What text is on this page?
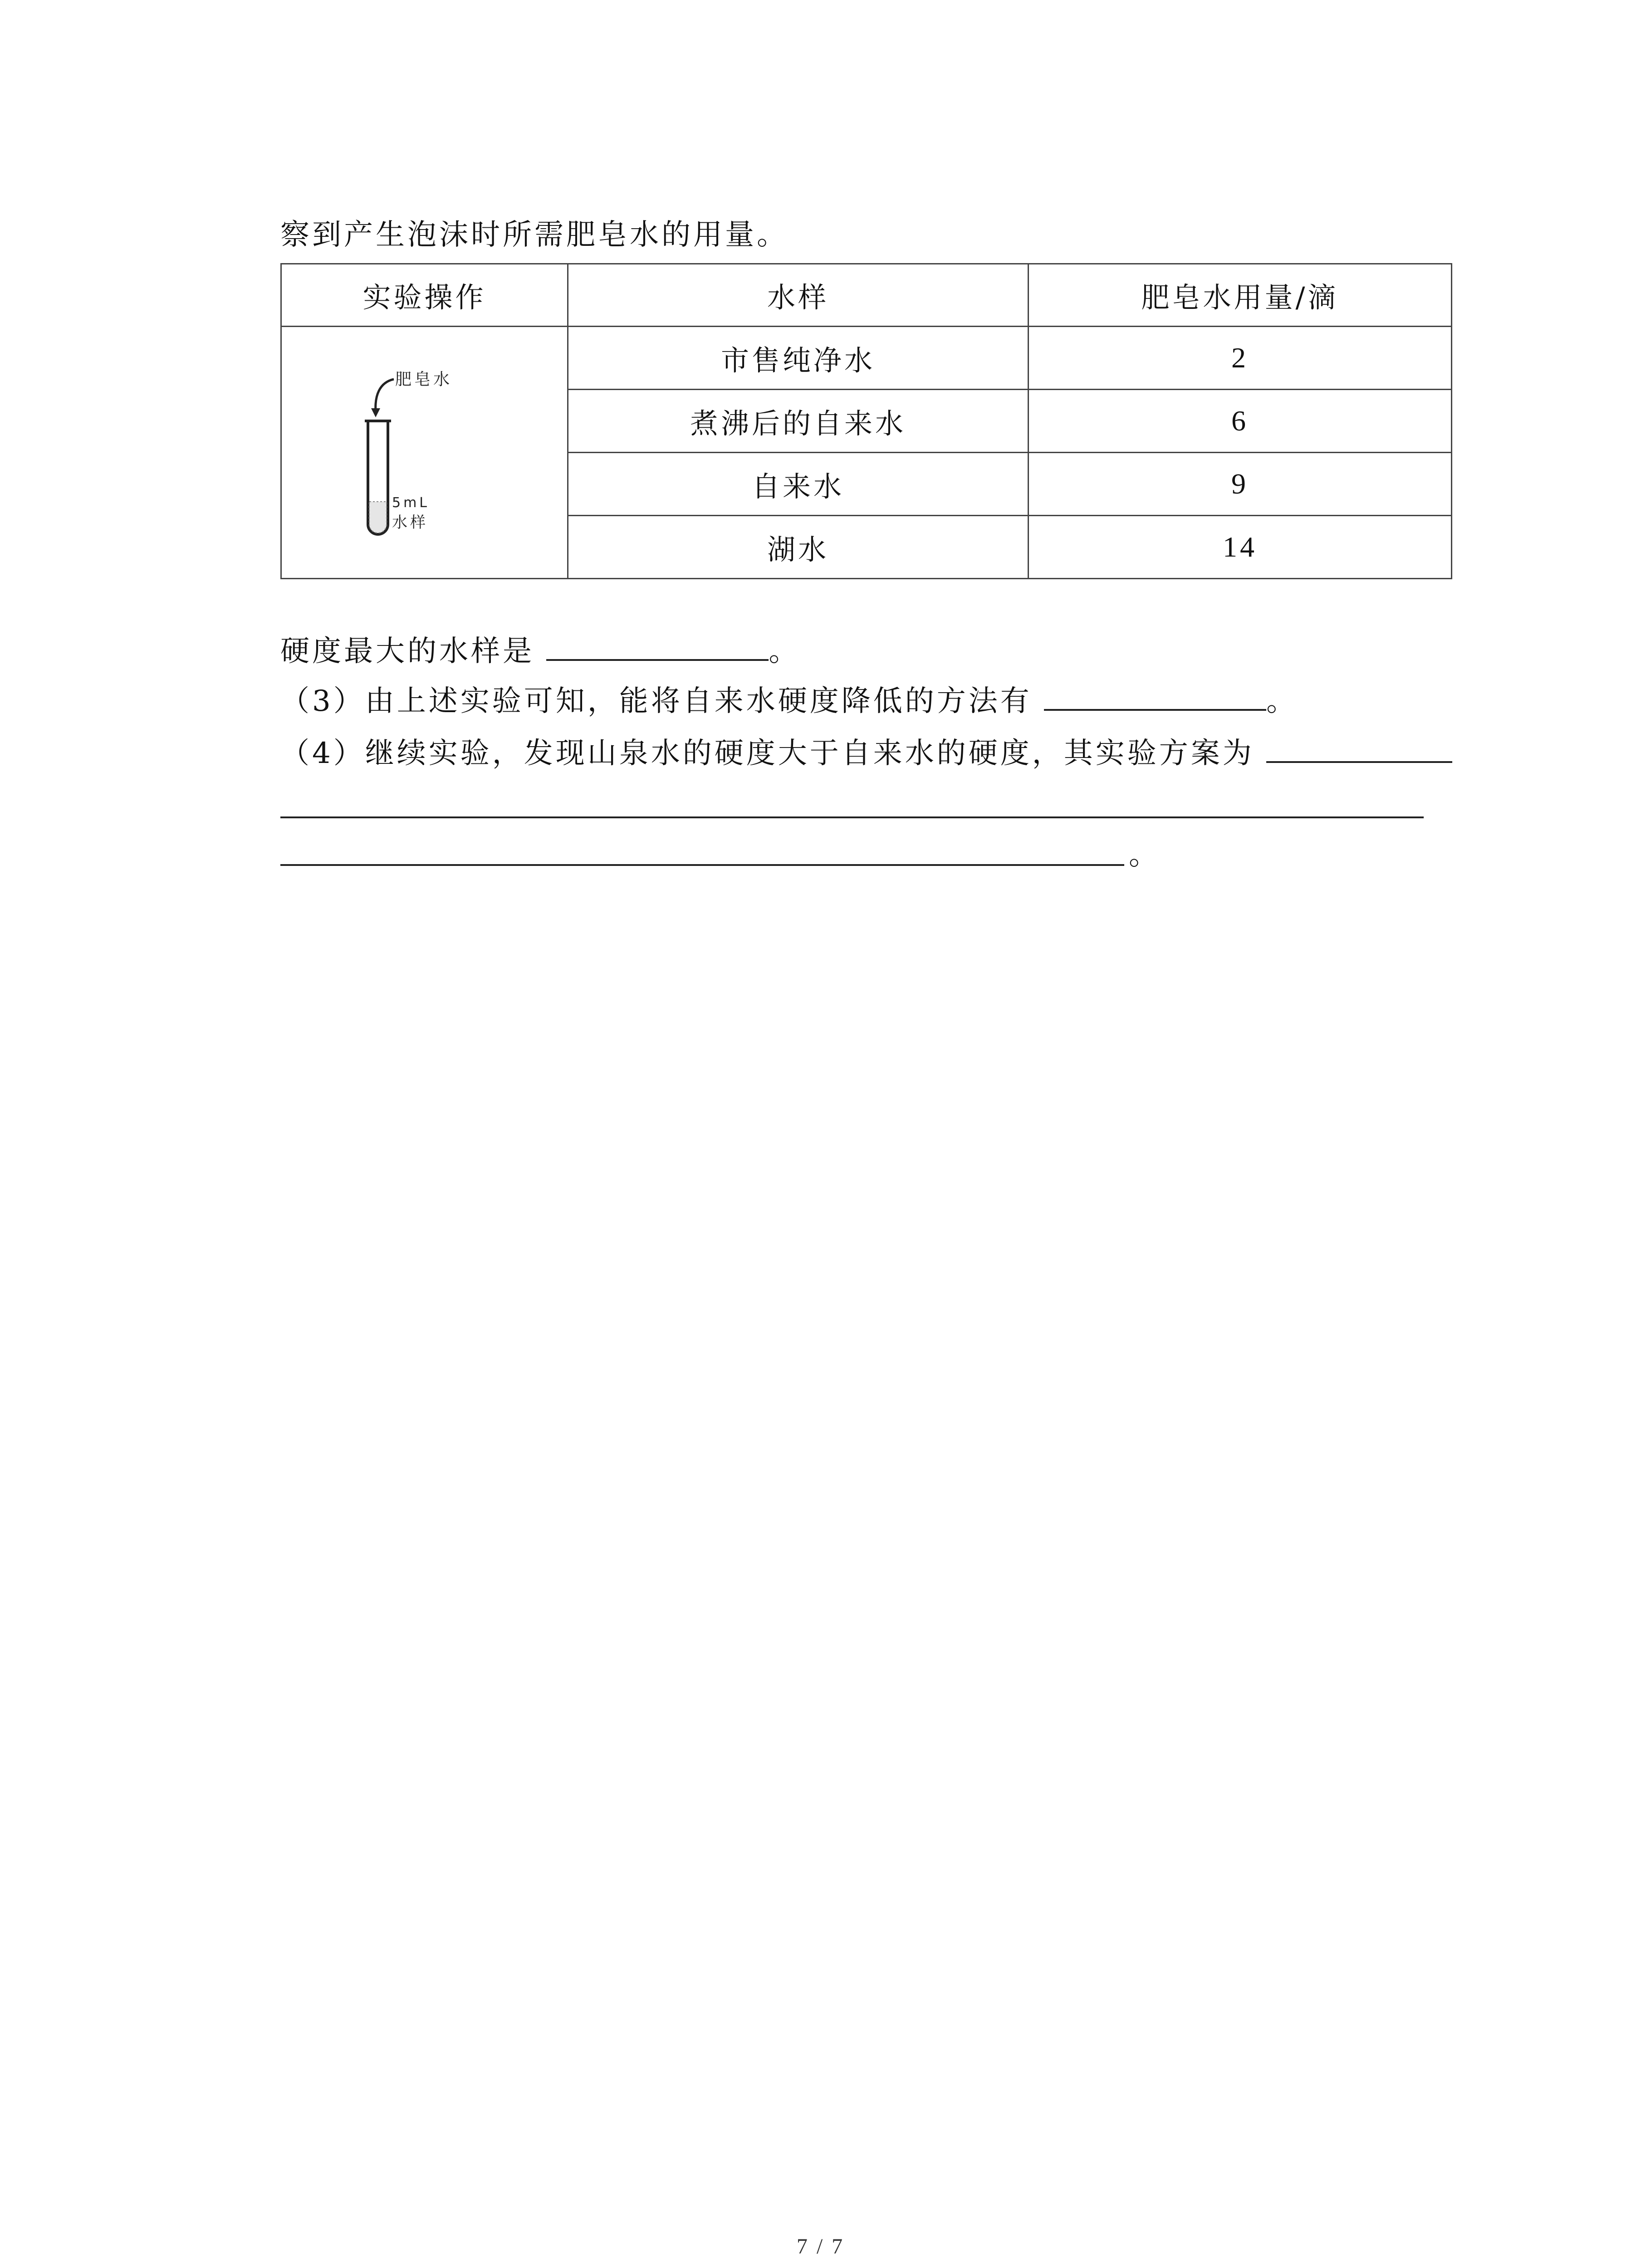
察到产生泡沫时所需肥皂水的用量。
实验操作	水样	肥皂水用量/滴

肥皂水
5mL
水样	市售纯净水	2
	煮沸后的自来水	6
	自来水	9
	湖水	14
硬度最大的水样是	。
（3）由上述实验可知，能将自来水硬度降低的方法有	。
（4）继续实验，发现山泉水的硬度大于自来水的硬度，其实验方案为
。
7 / 7
